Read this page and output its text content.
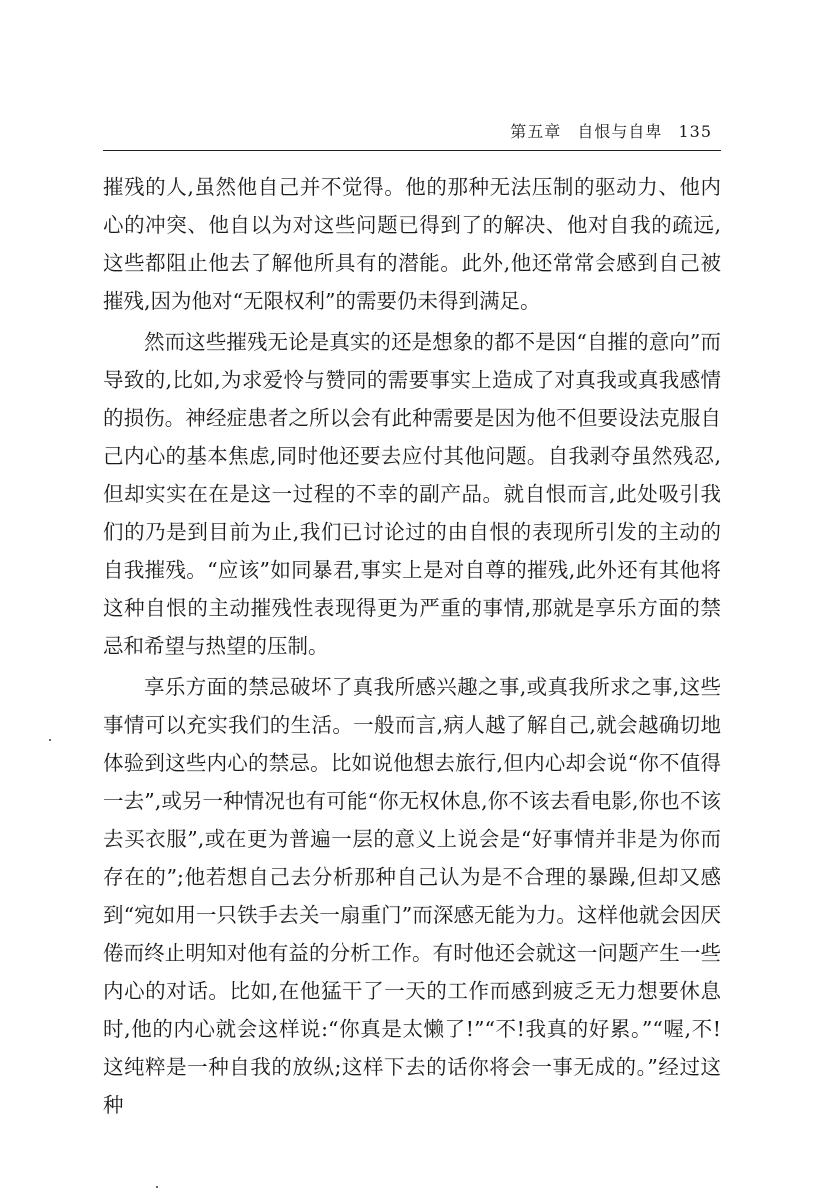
第五章 自恨与自卑 135

摧残的人,虽然他自己并不觉得。他的那种无法压制的驱动力、他内心的冲突、他自以为对这些问题已得到了的解决、他对自我的疏远,这些都阻止他去了解他所具有的潜能。此外,他还常常会感到自己被摧残,因为他对“无限权利”的需要仍未得到满足。

然而这些摧残无论是真实的还是想象的都不是因“自摧的意向”而导致的,比如,为求爱怜与赞同的需要事实上造成了对真我或真我感情的损伤。神经症患者之所以会有此种需要是因为他不但要设法克服自己内心的基本焦虑,同时他还要去应付其他问题。自我剥夺虽然残忍,但却实实在在是这一过程的不幸的副产品。就自恨而言,此处吸引我们的乃是到目前为止,我们已讨论过的由自恨的表现所引发的主动的自我摧残。“应该”如同暴君,事实上是对自尊的摧残,此外还有其他将这种自恨的主动摧残性表现得更为严重的事情,那就是享乐方面的禁忌和希望与热望的压制。

享乐方面的禁忌破坏了真我所感兴趣之事,或真我所求之事,这些事情可以充实我们的生活。一般而言,病人越了解自己,就会越确切地体验到这些内心的禁忌。比如说他想去旅行,但内心却会说“你不值得一去”,或另一种情况也有可能“你无权休息,你不该去看电影,你也不该去买衣服”,或在更为普遍一层的意义上说会是“好事情并非是为你而存在的”;他若想自己去分析那种自己认为是不合理的暴躁,但却又感到“宛如用一只铁手去关一扇重门”而深感无能为力。这样他就会因厌倦而终止明知对他有益的分析工作。有时他还会就这一问题产生一些内心的对话。比如,在他猛干了一天的工作而感到疲乏无力想要休息时,他的内心就会这样说:“你真是太懒了!”“不!我真的好累。”“喔,不!这纯粹是一种自我的放纵;这样下去的话你将会一事无成的。”经过这种
